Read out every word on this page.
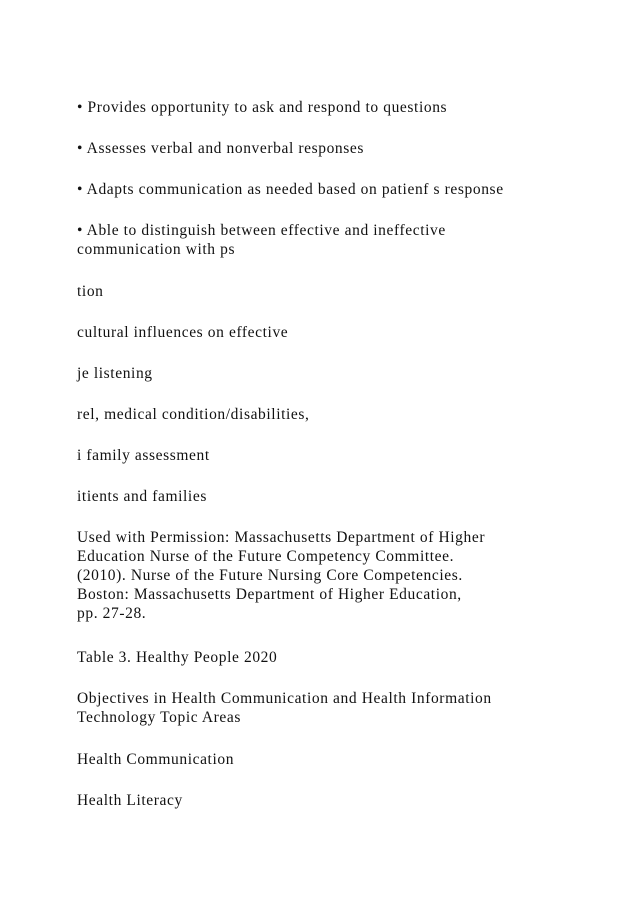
• Provides opportunity to ask and respond to questions

• Assesses verbal and nonverbal responses

• Adapts communication as needed based on patienf s response

• Able to distinguish between effective and ineffective
communication with ps

tion

cultural influences on effective

je listening

rel, medical condition/disabilities,

i family assessment

itients and families

Used with Permission: Massachusetts Department of Higher
Education Nurse of the Future Competency Committee.
(2010). Nurse of the Future Nursing Core Competencies.
Boston: Massachusetts Department of Higher Education,
pp. 27-28.

Table 3. Healthy People 2020

Objectives in Health Communication and Health Information
Technology Topic Areas

Health Communication

Health Literacy
